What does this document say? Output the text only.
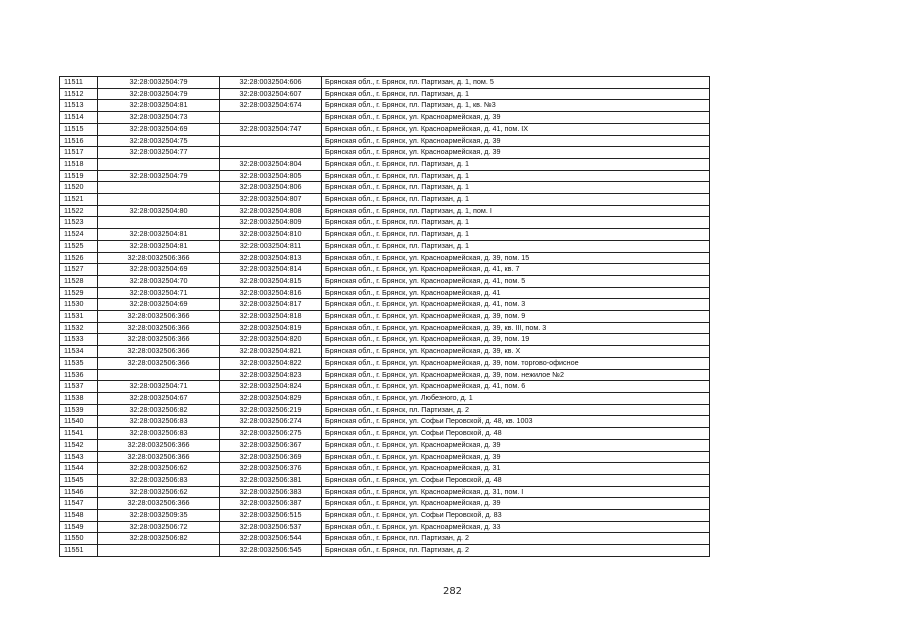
11511	32:28:0032504:79	32:28:0032504:606	Брянская обл., г. Брянск, пл. Партизан, д. 1, пом. 5
11512	32:28:0032504:79	32:28:0032504:607	Брянская обл., г. Брянск, пл. Партизан, д. 1
11513	32:28:0032504:81	32:28:0032504:674	Брянская обл., г. Брянск, пл. Партизан, д. 1, кв. №3
11514	32:28:0032504:73		Брянская обл., г. Брянск, ул. Красноармейская, д. 39
11515	32:28:0032504:69	32:28:0032504:747	Брянская обл., г. Брянск, ул. Красноармейская, д. 41, пом. IX
11516	32:28:0032504:75		Брянская обл., г. Брянск, ул. Красноармейская, д. 39
11517	32:28:0032504:77		Брянская обл., г. Брянск, ул. Красноармейская, д. 39
11518		32:28:0032504:804	Брянская обл., г. Брянск, пл. Партизан, д. 1
11519	32:28:0032504:79	32:28:0032504:805	Брянская обл., г. Брянск, пл. Партизан, д. 1
11520		32:28:0032504:806	Брянская обл., г. Брянск, пл. Партизан, д. 1
11521		32:28:0032504:807	Брянская обл., г. Брянск, пл. Партизан, д. 1
11522	32:28:0032504:80	32:28:0032504:808	Брянская обл., г. Брянск, пл. Партизан, д. 1, пом. I
11523		32:28:0032504:809	Брянская обл., г. Брянск, пл. Партизан, д. 1
11524	32:28:0032504:81	32:28:0032504:810	Брянская обл., г. Брянск, пл. Партизан, д. 1
11525	32:28:0032504:81	32:28:0032504:811	Брянская обл., г. Брянск, пл. Партизан, д. 1
11526	32:28:0032506:366	32:28:0032504:813	Брянская обл., г. Брянск, ул. Красноармейская, д. 39, пом. 15
11527	32:28:0032504:69	32:28:0032504:814	Брянская обл., г. Брянск, ул. Красноармейская, д. 41, кв. 7
11528	32:28:0032504:70	32:28:0032504:815	Брянская обл., г. Брянск, ул. Красноармейская, д. 41, пом. 5
11529	32:28:0032504:71	32:28:0032504:816	Брянская обл., г. Брянск, ул. Красноармейская, д. 41
11530	32:28:0032504:69	32:28:0032504:817	Брянская обл., г. Брянск, ул. Красноармейская, д. 41, пом. 3
11531	32:28:0032506:366	32:28:0032504:818	Брянская обл., г. Брянск, ул. Красноармейская, д. 39, пом. 9
11532	32:28:0032506:366	32:28:0032504:819	Брянская обл., г. Брянск, ул. Красноармейская, д. 39, кв. III, пом. 3
11533	32:28:0032506:366	32:28:0032504:820	Брянская обл., г. Брянск, ул. Красноармейская, д. 39, пом. 19
11534	32:28:0032506:366	32:28:0032504:821	Брянская обл., г. Брянск, ул. Красноармейская, д. 39, кв. X
11535	32:28:0032506:366	32:28:0032504:822	Брянская обл., г. Брянск, ул. Красноармейская, д. 39, пом. торгово-офисное
11536		32:28:0032504:823	Брянская обл., г. Брянск, ул. Красноармейская, д. 39, пом. нежилое №2
11537	32:28:0032504:71	32:28:0032504:824	Брянская обл., г. Брянск, ул. Красноармейская, д. 41, пом. 6
11538	32:28:0032504:67	32:28:0032504:829	Брянская обл., г. Брянск, ул. Любезного, д. 1
11539	32:28:0032506:82	32:28:0032506:219	Брянская обл., г. Брянск, пл. Партизан, д. 2
11540	32:28:0032506:83	32:28:0032506:274	Брянская обл., г. Брянск, ул. Софьи Перовской, д. 48, кв. 1003
11541	32:28:0032506:83	32:28:0032506:275	Брянская обл., г. Брянск, ул. Софьи Перовской, д. 48
11542	32:28:0032506:366	32:28:0032506:367	Брянская обл., г. Брянск, ул. Красноармейская, д. 39
11543	32:28:0032506:366	32:28:0032506:369	Брянская обл., г. Брянск, ул. Красноармейская, д. 39
11544	32:28:0032506:62	32:28:0032506:376	Брянская обл., г. Брянск, ул. Красноармейская, д. 31
11545	32:28:0032506:83	32:28:0032506:381	Брянская обл., г. Брянск, ул. Софьи Перовской, д. 48
11546	32:28:0032506:62	32:28:0032506:383	Брянская обл., г. Брянск, ул. Красноармейская, д. 31, пом. I
11547	32:28:0032506:366	32:28:0032506:387	Брянская обл., г. Брянск, ул. Красноармейская, д. 39
11548	32:28:0032509:35	32:28:0032506:515	Брянская обл., г. Брянск, ул. Софьи Перовской, д. 83
11549	32:28:0032506:72	32:28:0032506:537	Брянская обл., г. Брянск, ул. Красноармейская, д. 33
11550	32:28:0032506:82	32:28:0032506:544	Брянская обл., г. Брянск, пл. Партизан, д. 2
11551		32:28:0032506:545	Брянская обл., г. Брянск, пл. Партизан, д. 2
282
